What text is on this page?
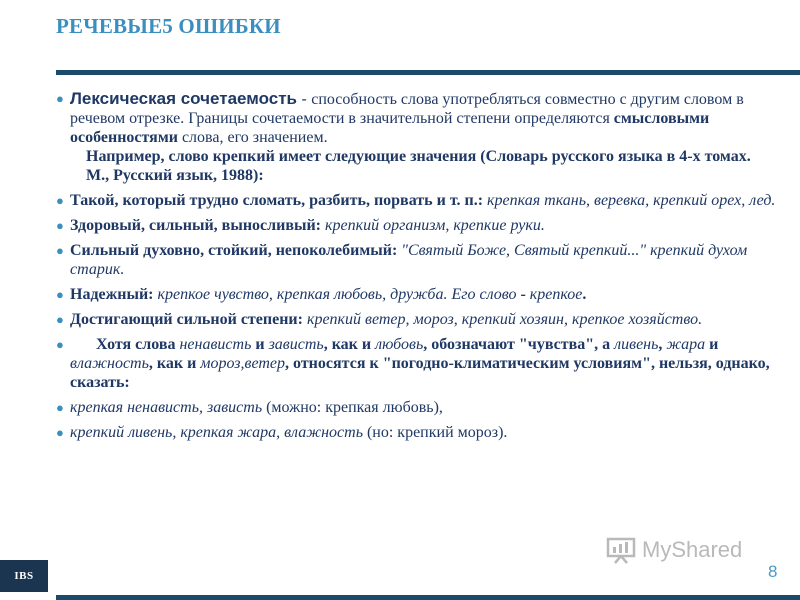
РЕЧЕВЫЕ5 ОШИБКИ
● Лексическая сочетаемость - способность слова употребляться совместно с другим словом в речевом отрезке. Границы сочетаемости в значительной степени определяются смысловыми особенностями слова, его значением.
Например, слово крепкий имеет следующие значения (Словарь русского языка в 4-х томах. М., Русский язык, 1988):
● Такой, который трудно сломать, разбить, порвать и т. п.: крепкая ткань, веревка, крепкий орех, лед.
● Здоровый, сильный, выносливый: крепкий организм, крепкие руки.
● Сильный духовно, стойкий, непоколебимый: "Святый Боже, Святый крепкий..." крепкий духом старик.
● Надежный: крепкое чувство, крепкая любовь, дружба. Его слово - крепкое.
● Достигающий сильной степени: крепкий ветер, мороз, крепкий хозяин, крепкое хозяйство.
● Хотя слова ненависть и зависть, как и любовь, обозначают "чувства", а ливень, жара и влажность, как и мороз,ветер, относятся к "погодно-климатическим условиям", нельзя, однако, сказать:
● крепкая ненависть, зависть (можно: крепкая любовь),
● крепкий ливень, крепкая жара, влажность (но: крепкий мороз).
MyShared
IBS	8
